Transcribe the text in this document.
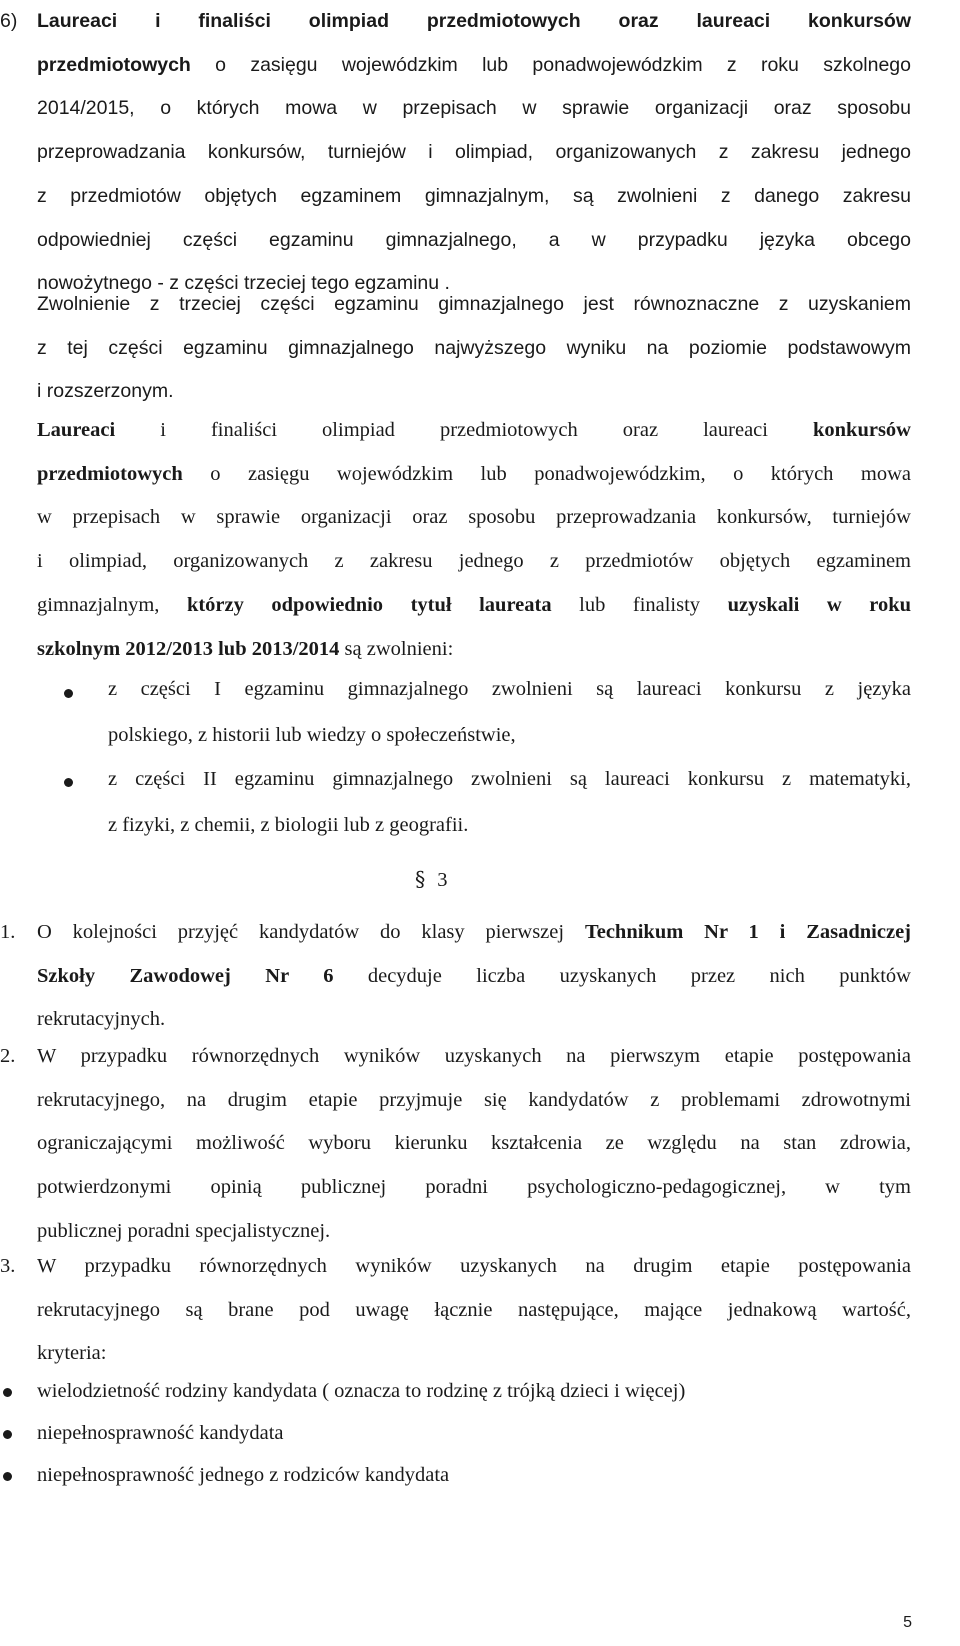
6) Laureaci i finaliści olimpiad przedmiotowych oraz laureaci konkursów
przedmiotowych o zasięgu wojewódzkim lub ponadwojewódzkim z roku szkolnego
2014/2015, o których mowa w przepisach w sprawie organizacji oraz sposobu
przeprowadzania konkursów, turniejów i olimpiad, organizowanych z zakresu jednego
z przedmiotów objętych egzaminem gimnazjalnym, są zwolnieni z danego zakresu
odpowiedniej części egzaminu gimnazjalnego, a w przypadku języka obcego
nowożytnego - z części trzeciej tego egzaminu .

Zwolnienie z trzeciej części egzaminu gimnazjalnego jest równoznaczne z uzyskaniem
z tej części egzaminu gimnazjalnego najwyższego wyniku na poziomie podstawowym
i rozszerzonym.

Laureaci i finaliści olimpiad przedmiotowych oraz laureaci konkursów
przedmiotowych o zasięgu wojewódzkim lub ponadwojewódzkim, o których mowa
w przepisach w sprawie organizacji oraz sposobu przeprowadzania konkursów, turniejów
i olimpiad, organizowanych z zakresu jednego z przedmiotów objętych egzaminem
gimnazjalnym, którzy odpowiednio tytuł laureata lub finalisty uzyskali w roku
szkolnym 2012/2013 lub 2013/2014 są zwolnieni:

z części I egzaminu gimnazjalnego zwolnieni są laureaci konkursu z języka
polskiego, z historii lub wiedzy o społeczeństwie,

z części II egzaminu gimnazjalnego zwolnieni są laureaci konkursu z matematyki,
z fizyki, z chemii, z biologii lub z geografii.

§ 3
1. O kolejności przyjęć kandydatów do klasy pierwszej Technikum Nr 1 i Zasadniczej
Szkoły Zawodowej Nr 6 decyduje liczba uzyskanych przez nich punktów
rekrutacyjnych.

2. W przypadku równorzędnych wyników uzyskanych na pierwszym etapie postępowania
rekrutacyjnego, na drugim etapie przyjmuje się kandydatów z problemami zdrowotnymi
ograniczającymi możliwość wyboru kierunku kształcenia ze względu na stan zdrowia,
potwierdzonymi opinią publicznej poradni psychologiczno-pedagogicznej, w tym
publicznej poradni specjalistycznej.

3. W przypadku równorzędnych wyników uzyskanych na drugim etapie postępowania
rekrutacyjnego są brane pod uwagę łącznie następujące, mające jednakową wartość,
kryteria:

wielodzietność rodziny kandydata ( oznacza to rodzinę z trójką dzieci i więcej)
niepełnosprawność kandydata
niepełnosprawność jednego z rodziców kandydata
5
